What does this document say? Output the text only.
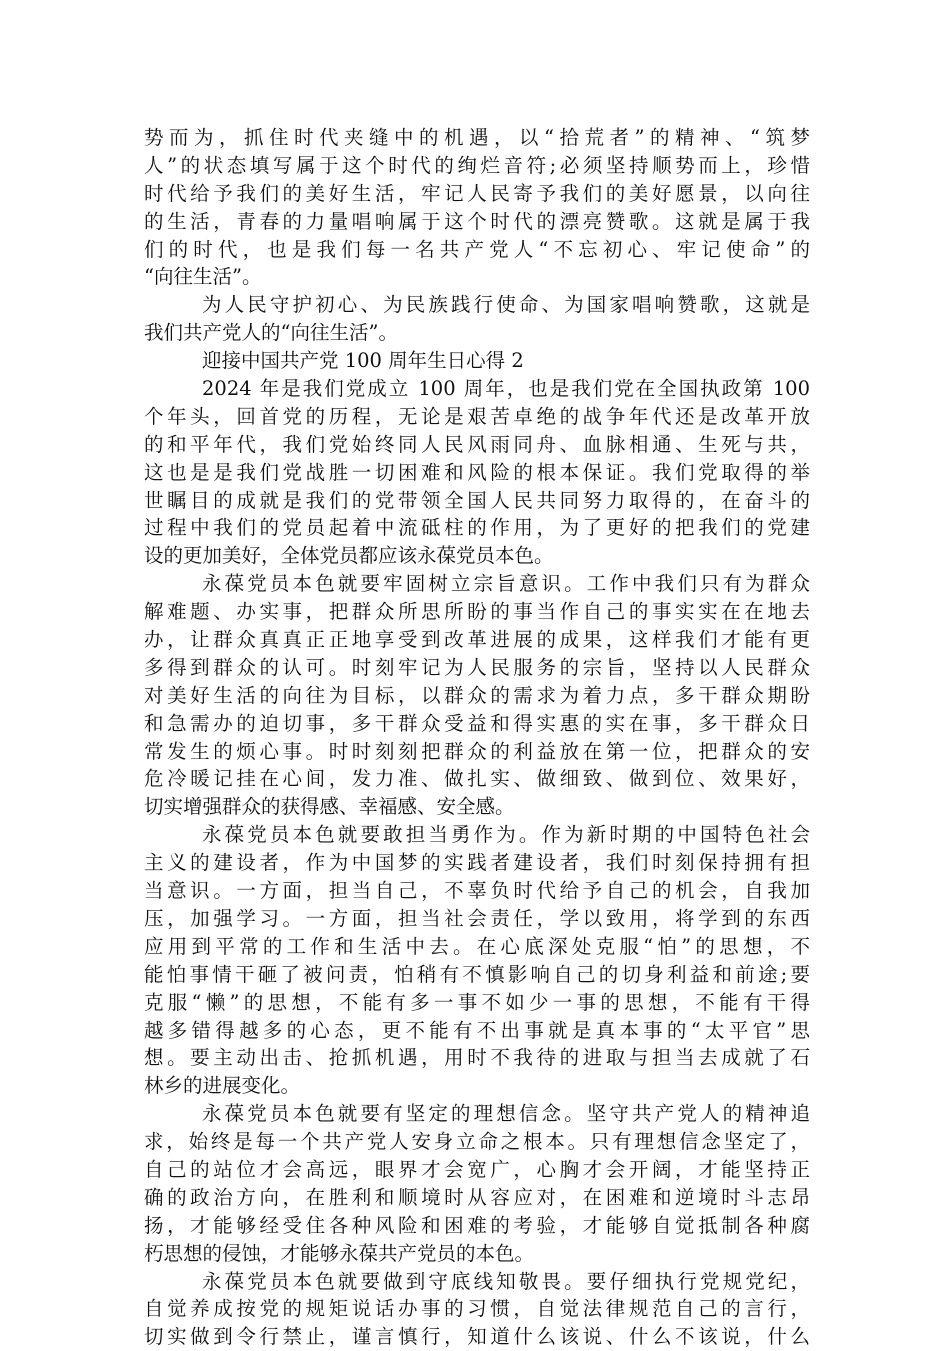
势而为，抓住时代夹缝中的机遇，以“拾荒者”的精神、“筑梦
人”的状态填写属于这个时代的绚烂音符;必须坚持顺势而上，珍惜
时代给予我们的美好生活，牢记人民寄予我们的美好愿景，以向往
的生活，青春的力量唱响属于这个时代的漂亮赞歌。这就是属于我
们的时代，也是我们每一名共产党人“不忘初心、牢记使命”的
“向往生活”。
为人民守护初心、为民族践行使命、为国家唱响赞歌，这就是
我们共产党人的“向往生活”。
迎接中国共产党 100 周年生日心得 2
2024 年是我们党成立 100 周年，也是我们党在全国执政第 100
个年头，回首党的历程，无论是艰苦卓绝的战争年代还是改革开放
的和平年代，我们党始终同人民风雨同舟、血脉相通、生死与共，
这也是是我们党战胜一切困难和风险的根本保证。我们党取得的举
世瞩目的成就是我们的党带领全国人民共同努力取得的，在奋斗的
过程中我们的党员起着中流砥柱的作用，为了更好的把我们的党建
设的更加美好，全体党员都应该永葆党员本色。
永葆党员本色就要牢固树立宗旨意识。工作中我们只有为群众
解难题、办实事，把群众所思所盼的事当作自己的事实实在在地去
办，让群众真真正正地享受到改革进展的成果，这样我们才能有更
多得到群众的认可。时刻牢记为人民服务的宗旨，坚持以人民群众
对美好生活的向往为目标，以群众的需求为着力点，多干群众期盼
和急需办的迫切事，多干群众受益和得实惠的实在事，多干群众日
常发生的烦心事。时时刻刻把群众的利益放在第一位，把群众的安
危冷暖记挂在心间，发力准、做扎实、做细致、做到位、效果好，
切实增强群众的获得感、幸福感、安全感。
永葆党员本色就要敢担当勇作为。作为新时期的中国特色社会
主义的建设者，作为中国梦的实践者建设者，我们时刻保持拥有担
当意识。一方面，担当自己，不辜负时代给予自己的机会，自我加
压，加强学习。一方面，担当社会责任，学以致用，将学到的东西
应用到平常的工作和生活中去。在心底深处克服“怕”的思想，不
能怕事情干砸了被问责，怕稍有不慎影响自己的切身利益和前途;要
克服“懒”的思想，不能有多一事不如少一事的思想，不能有干得
越多错得越多的心态，更不能有不出事就是真本事的“太平官”思
想。要主动出击、抢抓机遇，用时不我待的进取与担当去成就了石
林乡的进展变化。
永葆党员本色就要有坚定的理想信念。坚守共产党人的精神追
求，始终是每一个共产党人安身立命之根本。只有理想信念坚定了，
自己的站位才会高远，眼界才会宽广，心胸才会开阔，才能坚持正
确的政治方向，在胜利和顺境时从容应对，在困难和逆境时斗志昂
扬，才能够经受住各种风险和困难的考验，才能够自觉抵制各种腐
朽思想的侵蚀，才能够永葆共产党员的本色。
永葆党员本色就要做到守底线知敬畏。要仔细执行党规党纪，
自觉养成按党的规矩说话办事的习惯，自觉法律规范自己的言行，
切实做到令行禁止，谨言慎行，知道什么该说、什么不该说，什么
